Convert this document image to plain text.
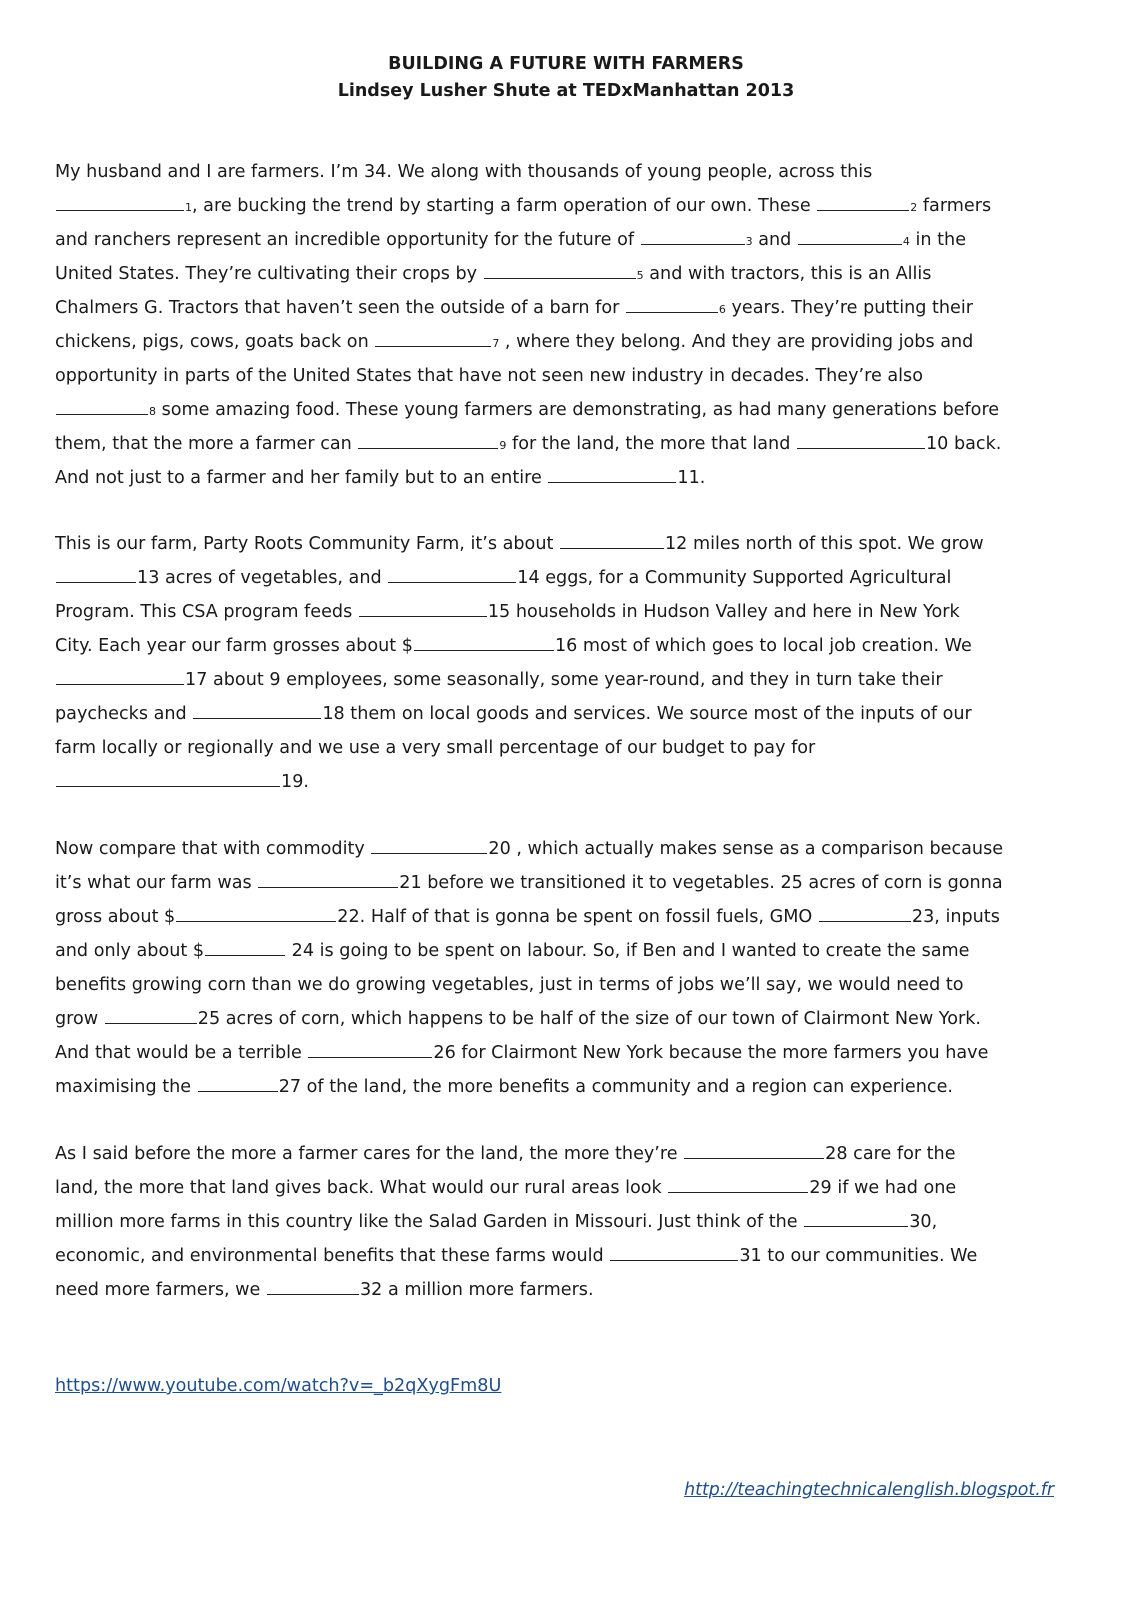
BUILDING A FUTURE WITH FARMERS
Lindsey Lusher Shute at TEDxManhattan 2013
My husband and I are farmers. I’m 34. We along with thousands of young people, across this
1, are bucking the trend by starting a farm operation of our own. These	2 farmers
and ranchers represent an incredible opportunity for the future of	3 and	4 in the
United States. They’re cultivating their crops by	5 and with tractors, this is an Allis
Chalmers G. Tractors that haven’t seen the outside of a barn for	6 years. They’re putting their
chickens, pigs, cows, goats back on	7 , where they belong. And they are providing jobs and
opportunity in parts of the United States that have not seen new industry in decades. They’re also
8 some amazing food. These young farmers are demonstrating, as had many generations before
them, that the more a farmer can	9 for the land, the more that land	10 back.
And not just to a farmer and her family but to an entire	11.
This is our farm, Party Roots Community Farm, it’s about	12 miles north of this spot. We grow
13 acres of vegetables, and	14 eggs, for a Community Supported Agricultural
Program. This CSA program feeds	15 households in Hudson Valley and here in New York
City. Each year our farm grosses about $	16 most of which goes to local job creation. We
17 about 9 employees, some seasonally, some year-round, and they in turn take their
paychecks and	18 them on local goods and services. We source most of the inputs of our
farm locally or regionally and we use a very small percentage of our budget to pay for
19.
Now compare that with commodity	20 , which actually makes sense as a comparison because
it’s what our farm was	21 before we transitioned it to vegetables. 25 acres of corn is gonna
gross about $	22. Half of that is gonna be spent on fossil fuels, GMO	23, inputs
and only about $	24 is going to be spent on labour. So, if Ben and I wanted to create the same
benefits growing corn than we do growing vegetables, just in terms of jobs we’ll say, we would need to
grow	25 acres of corn, which happens to be half of the size of our town of Clairmont New York.
And that would be a terrible	26 for Clairmont New York because the more farmers you have
maximising the	27 of the land, the more benefits a community and a region can experience.
As I said before the more a farmer cares for the land, the more they’re	28 care for the
land, the more that land gives back. What would our rural areas look	29 if we had one
million more farms in this country like the Salad Garden in Missouri. Just think of the	30,
economic, and environmental benefits that these farms would	31 to our communities. We
need more farmers, we	32 a million more farmers.
https://www.youtube.com/watch?v=_b2qXygFm8U
http://teachingtechnicalenglish.blogspot.fr
